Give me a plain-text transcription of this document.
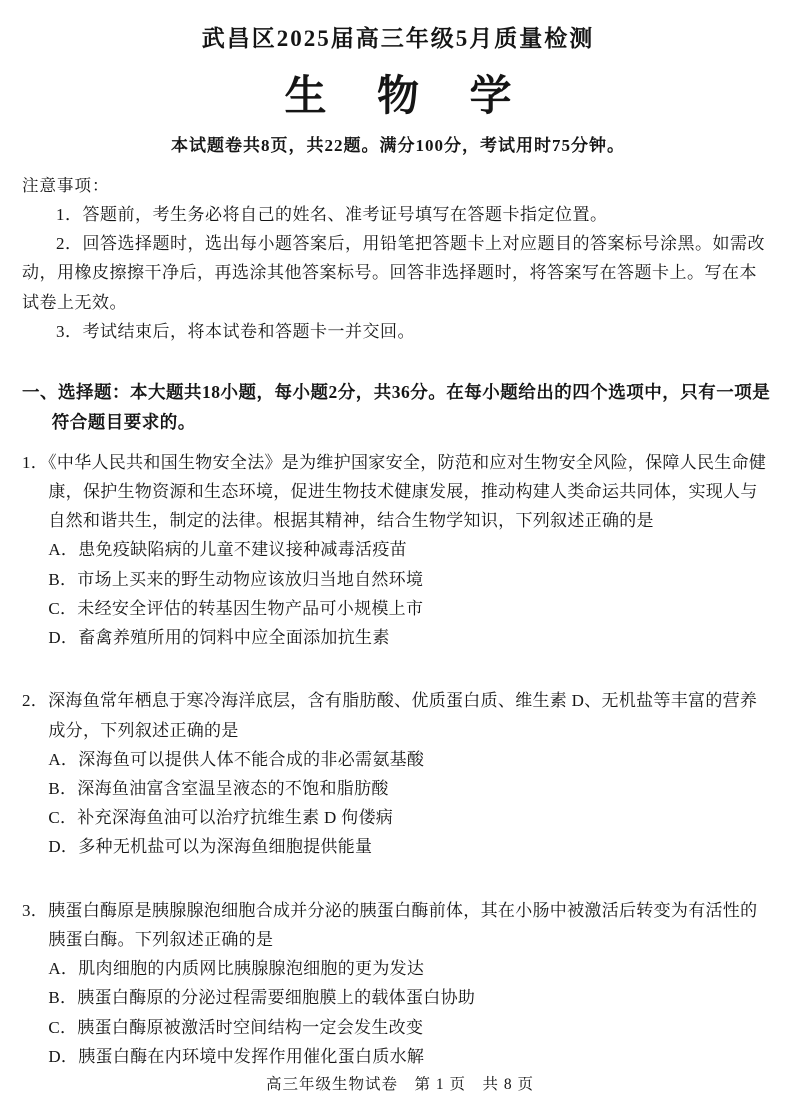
武昌区2025届高三年级5月质量检测
生 物 学
本试题卷共8页，共22题。满分100分，考试用时75分钟。
注意事项：
1．答题前，考生务必将自己的姓名、准考证号填写在答题卡指定位置。
2．回答选择题时，选出每小题答案后，用铅笔把答题卡上对应题目的答案标号涂黑。如需改动，用橡皮擦擦干净后，再选涂其他答案标号。回答非选择题时，将答案写在答题卡上。写在本试卷上无效。
3．考试结束后，将本试卷和答题卡一并交回。
一、选择题：本大题共18小题，每小题2分，共36分。在每小题给出的四个选项中，只有一项是符合题目要求的。
1．《中华人民共和国生物安全法》是为维护国家安全，防范和应对生物安全风险，保障人民生命健康，保护生物资源和生态环境，促进生物技术健康发展，推动构建人类命运共同体，实现人与自然和谐共生，制定的法律。根据其精神，结合生物学知识，下列叙述正确的是
A．患免疫缺陷病的儿童不建议接种减毒活疫苗
B．市场上买来的野生动物应该放归当地自然环境
C．未经安全评估的转基因生物产品可小规模上市
D．畜禽养殖所用的饲料中应全面添加抗生素
2．深海鱼常年栖息于寒冷海洋底层，含有脂肪酸、优质蛋白质、维生素 D、无机盐等丰富的营养成分，下列叙述正确的是
A．深海鱼可以提供人体不能合成的非必需氨基酸
B．深海鱼油富含室温呈液态的不饱和脂肪酸
C．补充深海鱼油可以治疗抗维生素 D 佝偻病
D．多种无机盐可以为深海鱼细胞提供能量
3．胰蛋白酶原是胰腺腺泡细胞合成并分泌的胰蛋白酶前体，其在小肠中被激活后转变为有活性的胰蛋白酶。下列叙述正确的是
A．肌肉细胞的内质网比胰腺腺泡细胞的更为发达
B．胰蛋白酶原的分泌过程需要细胞膜上的载体蛋白协助
C．胰蛋白酶原被激活时空间结构一定会发生改变
D．胰蛋白酶在内环境中发挥作用催化蛋白质水解
高三年级生物试卷　第 1 页　共 8 页
